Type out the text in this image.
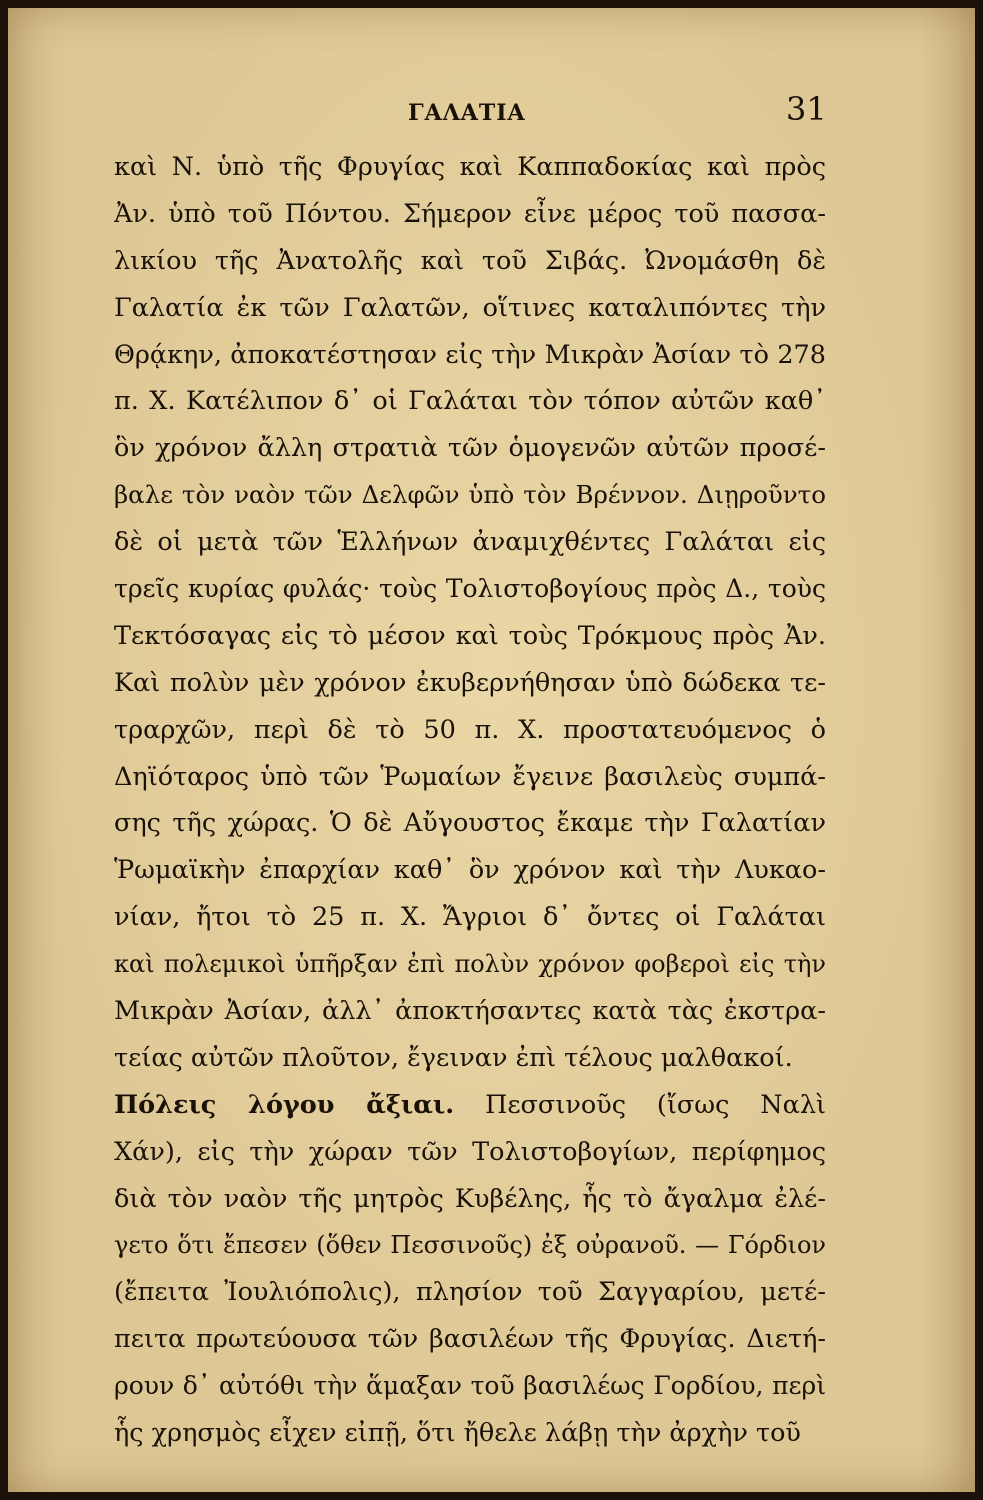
ΓΑΛΑΤΙΑ	31
καὶ Ν. ὑπὸ τῆς Φρυγίας καὶ Καππαδοκίας καὶ πρὸς
Ἀν. ὑπὸ τοῦ Πόντου. Σήμερον εἶνε μέρος τοῦ πασσα-
λικίου τῆς Ἀνατολῆς καὶ τοῦ Σιβάς. Ὠνομάσθη δὲ
Γαλατία ἐκ τῶν Γαλατῶν, οἵτινες καταλιπόντες τὴν
Θρᾴκην, ἀποκατέστησαν εἰς τὴν Μικρὰν Ἀσίαν τὸ 278
π. Χ. Κατέλιπον δ᾽ οἱ Γαλάται τὸν τόπον αὐτῶν καθ᾽
ὃν χρόνον ἄλλη στρατιὰ τῶν ὁμογενῶν αὐτῶν προσέ-
βαλε τὸν ναὸν τῶν Δελφῶν ὑπὸ τὸν Βρέννον. Διῃροῦντο
δὲ οἱ μετὰ τῶν Ἑλλήνων ἀναμιχθέντες Γαλάται εἰς
τρεῖς κυρίας φυλάς· τοὺς Τολιστοβογίους πρὸς Δ., τοὺς
Τεκτόσαγας εἰς τὸ μέσον καὶ τοὺς Τρόκμους πρὸς Ἀν.
Καὶ πολὺν μὲν χρόνον ἐκυβερνήθησαν ὑπὸ δώδεκα τε-
τραρχῶν, περὶ δὲ τὸ 50 π. Χ. προστατευόμενος ὁ
Δηϊόταρος ὑπὸ τῶν Ῥωμαίων ἔγεινε βασιλεὺς συμπά-
σης τῆς χώρας. Ὁ δὲ Αὔγουστος ἔκαμε τὴν Γαλατίαν
Ῥωμαϊκὴν ἐπαρχίαν καθ᾽ ὃν χρόνον καὶ τὴν Λυκαο-
νίαν, ἤτοι τὸ 25 π. Χ. Ἄγριοι δ᾽ ὄντες οἱ Γαλάται
καὶ πολεμικοὶ ὑπῆρξαν ἐπὶ πολὺν χρόνον φοβεροὶ εἰς τὴν
Μικρὰν Ἀσίαν, ἀλλ᾽ ἀποκτήσαντες κατὰ τὰς ἐκστρα-
τείας αὐτῶν πλοῦτον, ἔγειναν ἐπὶ τέλους μαλθακοί.
Πόλεις λόγου ἄξιαι. Πεσσινοῦς (ἴσως Ναλὶ
Χάν), εἰς τὴν χώραν τῶν Τολιστοβογίων, περίφημος
διὰ τὸν ναὸν τῆς μητρὸς Κυβέλης, ἧς τὸ ἄγαλμα ἐλέ-
γετο ὅτι ἔπεσεν (ὅθεν Πεσσινοῦς) ἐξ οὐρανοῦ. — Γόρδιον
(ἔπειτα Ἰουλιόπολις), πλησίον τοῦ Σαγγαρίου, μετέ-
πειτα πρωτεύουσα τῶν βασιλέων τῆς Φρυγίας. Διετή-
ρουν δ᾽ αὐτόθι τὴν ἅμαξαν τοῦ βασιλέως Γορδίου, περὶ
ἧς χρησμὸς εἶχεν εἰπῇ, ὅτι ἤθελε λάβῃ τὴν ἀρχὴν τοῦ
